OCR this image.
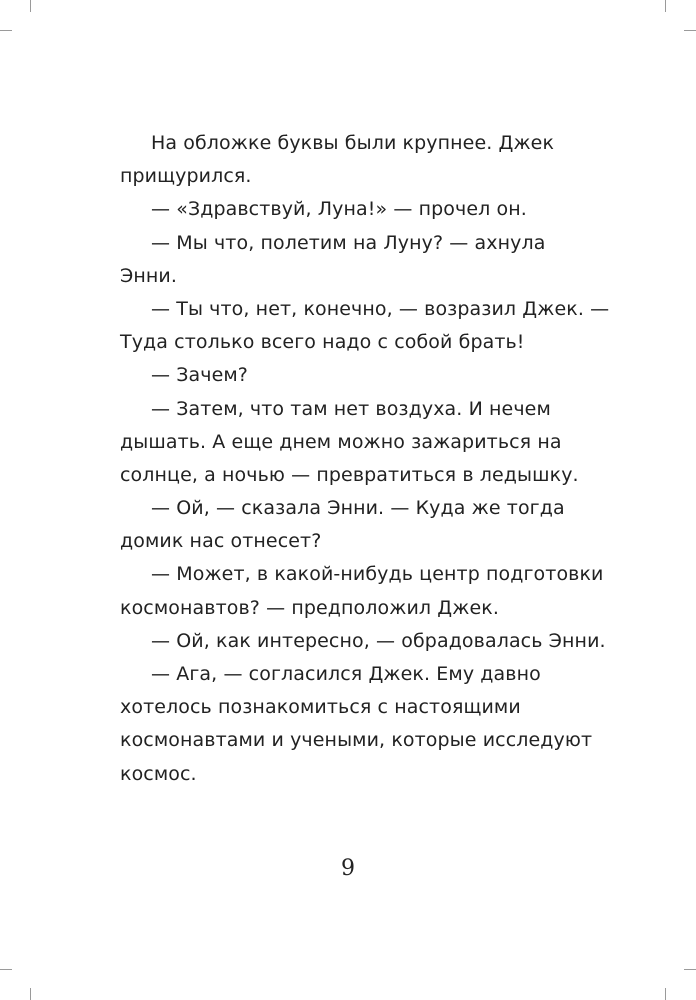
На обложке буквы были крупнее. Джек
прищурился.
— «Здравствуй, Луна!» — прочел он.
— Мы что, полетим на Луну? — ахнула
Энни.
— Ты что, нет, конечно, — возразил Джек. —
Туда столько всего надо с собой брать!
— Зачем?
— Затем, что там нет воздуха. И нечем
дышать. А еще днем можно зажариться на
солнце, а ночью — превратиться в ледышку.
— Ой, — сказала Энни. — Куда же тогда
домик нас отнесет?
— Может, в какой-нибудь центр подготовки
космонавтов? — предположил Джек.
— Ой, как интересно, — обрадовалась Энни.
— Ага, — согласился Джек. Ему давно
хотелось познакомиться с настоящими
космонавтами и учеными, которые исследуют
космос.
9
